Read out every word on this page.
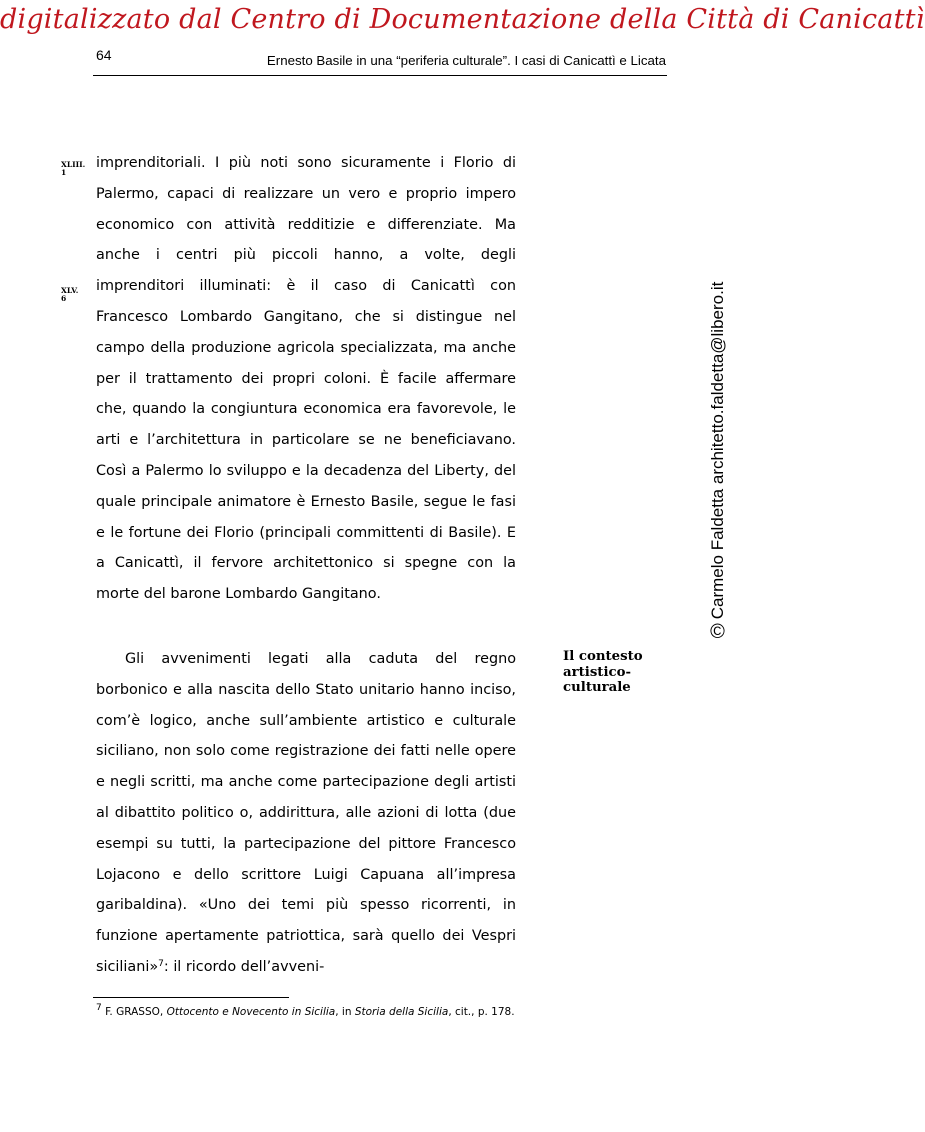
digitalizzato dal Centro di Documentazione della Città di Canicattì
64	Ernesto Basile in una “periferia culturale”. I casi di Canicattì e Licata
XLIII.
1
XLV.
6
imprenditoriali. I più noti sono sicuramente i Florio di Palermo, capaci di realizzare un vero e proprio impero economico con attività redditizie e differenziate. Ma anche i centri più piccoli hanno, a volte, degli imprenditori illuminati: è il caso di Canicattì con Francesco Lombardo Gangitano, che si distingue nel campo della produzione agricola specializzata, ma anche per il trattamento dei propri coloni. È facile affermare che, quando la congiuntura economica era favorevole, le arti e l’architettura in particolare se ne beneficiavano. Così a Palermo lo sviluppo e la decadenza del Liberty, del quale principale animatore è Ernesto Basile, segue le fasi e le fortune dei Florio (principali committenti di Basile). E a Canicattì, il fervore architettonico si spegne con la morte del barone Lombardo Gangitano.
Gli avvenimenti legati alla caduta del regno borbonico e alla nascita dello Stato unitario hanno inciso, com’è logico, anche sull’ambiente artistico e culturale siciliano, non solo come registrazione dei fatti nelle opere e negli scritti, ma anche come partecipazione degli artisti al dibattito politico o, addirittura, alle azioni di lotta (due esempi su tutti, la partecipazione del pittore Francesco Lojacono e dello scrittore Luigi Capuana all’impresa garibaldina). «Uno dei temi più spesso ricorrenti, in funzione apertamente patriottica, sarà quello dei Vespri siciliani»$^7$: il ricordo dell’avveni-
Il contesto artistico-culturale
©Carmelo Faldetta architetto.faldetta@libero.it
$^7$ F. GRASSO, Ottocento e Novecento in Sicilia, in Storia della Sicilia, cit., p. 178.
